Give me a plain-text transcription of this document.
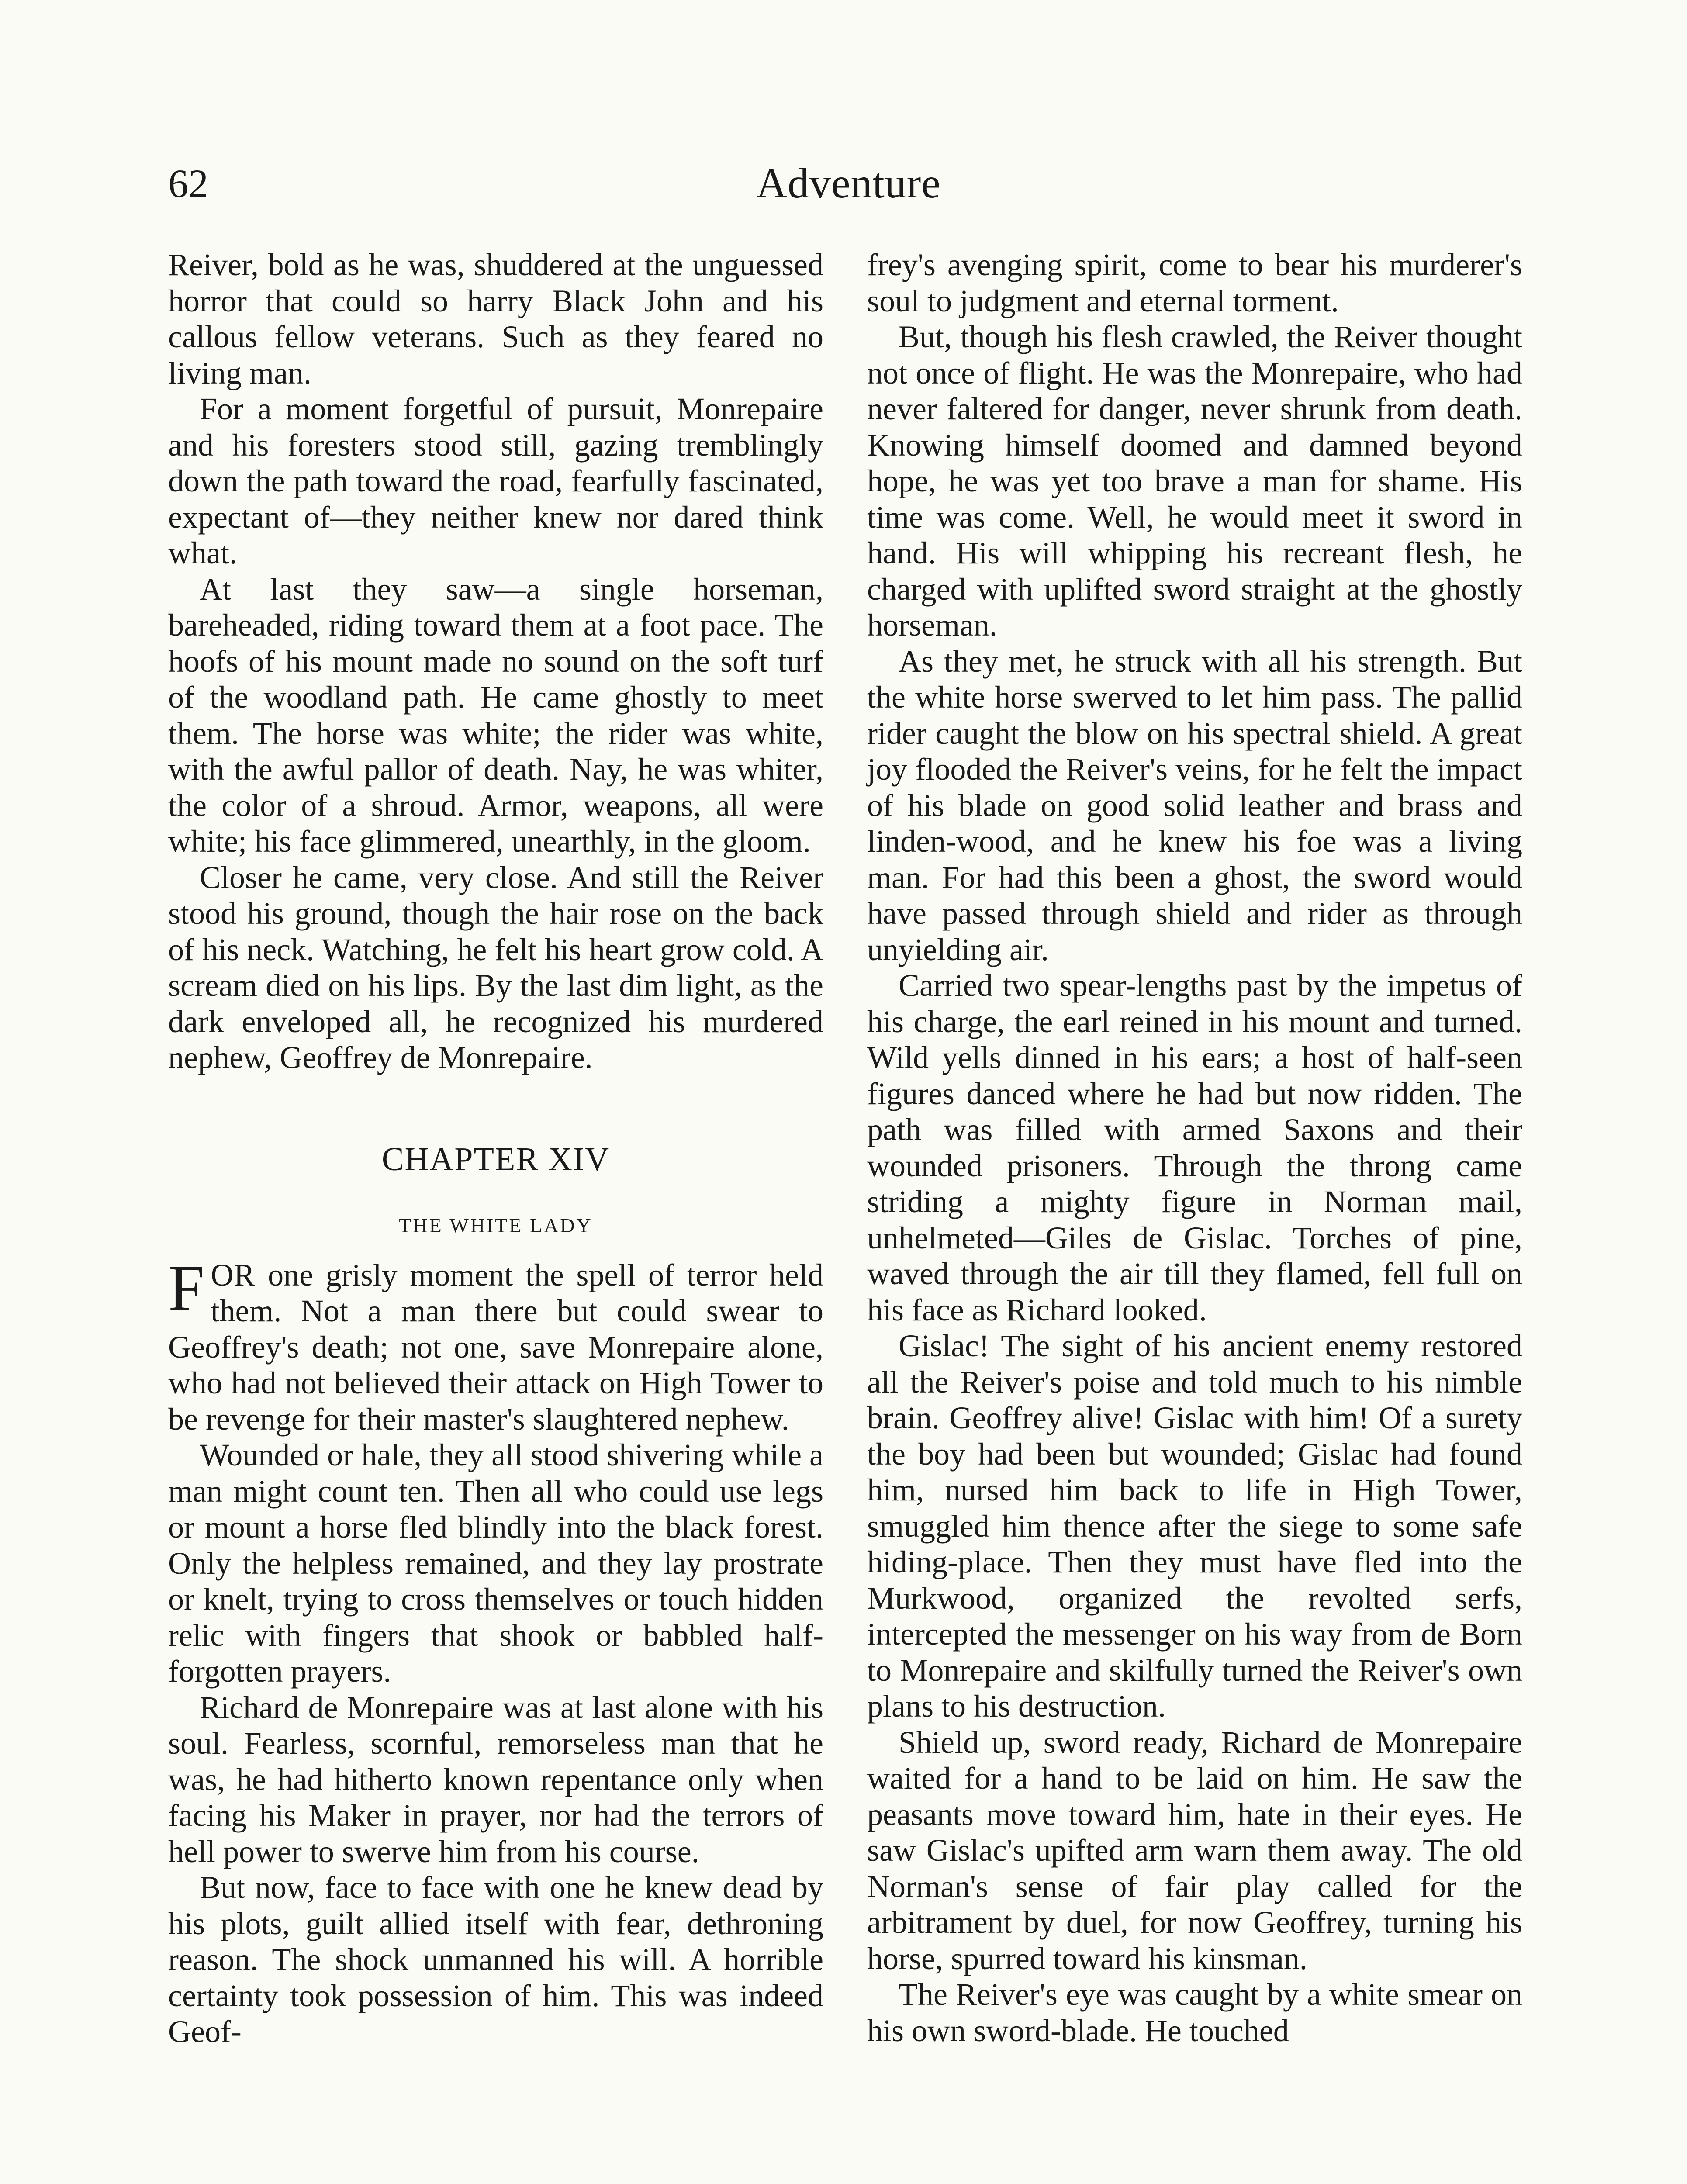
62	Adventure

Reiver, bold as he was, shuddered at the unguessed horror that could so harry Black John and his callous fellow veterans. Such as they feared no living man.

For a moment forgetful of pursuit, Monrepaire and his foresters stood still, gazing tremblingly down the path toward the road, fearfully fascinated, expectant of—they neither knew nor dared think what.

At last they saw—a single horseman, bareheaded, riding toward them at a foot pace. The hoofs of his mount made no sound on the soft turf of the woodland path. He came ghostly to meet them. The horse was white; the rider was white, with the awful pallor of death. Nay, he was whiter, the color of a shroud. Armor, weapons, all were white; his face glimmered, unearthly, in the gloom.

Closer he came, very close. And still the Reiver stood his ground, though the hair rose on the back of his neck. Watching, he felt his heart grow cold. A scream died on his lips. By the last dim light, as the dark enveloped all, he recognized his murdered nephew, Geoffrey de Monrepaire.

CHAPTER XIV
THE WHITE LADY

FOR one grisly moment the spell of terror held them. Not a man there but could swear to Geoffrey's death; not one, save Monrepaire alone, who had not believed their attack on High Tower to be revenge for their master's slaughtered nephew.

Wounded or hale, they all stood shivering while a man might count ten. Then all who could use legs or mount a horse fled blindly into the black forest. Only the helpless remained, and they lay prostrate or knelt, trying to cross themselves or touch hidden relic with fingers that shook or babbled half-forgotten prayers.

Richard de Monrepaire was at last alone with his soul. Fearless, scornful, remorseless man that he was, he had hitherto known repentance only when facing his Maker in prayer, nor had the terrors of hell power to swerve him from his course.

But now, face to face with one he knew dead by his plots, guilt allied itself with fear, dethroning reason. The shock unmanned his will. A horrible certainty took possession of him. This was indeed Geof-

frey's avenging spirit, come to bear his murderer's soul to judgment and eternal torment.

But, though his flesh crawled, the Reiver thought not once of flight. He was the Monrepaire, who had never faltered for danger, never shrunk from death. Knowing himself doomed and damned beyond hope, he was yet too brave a man for shame. His time was come. Well, he would meet it sword in hand. His will whipping his recreant flesh, he charged with uplifted sword straight at the ghostly horseman.

As they met, he struck with all his strength. But the white horse swerved to let him pass. The pallid rider caught the blow on his spectral shield. A great joy flooded the Reiver's veins, for he felt the impact of his blade on good solid leather and brass and linden-wood, and he knew his foe was a living man. For had this been a ghost, the sword would have passed through shield and rider as through unyielding air.

Carried two spear-lengths past by the impetus of his charge, the earl reined in his mount and turned. Wild yells dinned in his ears; a host of half-seen figures danced where he had but now ridden. The path was filled with armed Saxons and their wounded prisoners. Through the throng came striding a mighty figure in Norman mail, unhelmeted—Giles de Gislac. Torches of pine, waved through the air till they flamed, fell full on his face as Richard looked.

Gislac! The sight of his ancient enemy restored all the Reiver's poise and told much to his nimble brain. Geoffrey alive! Gislac with him! Of a surety the boy had been but wounded; Gislac had found him, nursed him back to life in High Tower, smuggled him thence after the siege to some safe hiding-place. Then they must have fled into the Murkwood, organized the revolted serfs, intercepted the messenger on his way from de Born to Monrepaire and skilfully turned the Reiver's own plans to his destruction.

Shield up, sword ready, Richard de Monrepaire waited for a hand to be laid on him. He saw the peasants move toward him, hate in their eyes. He saw Gislac's upifted arm warn them away. The old Norman's sense of fair play called for the arbitrament by duel, for now Geoffrey, turning his horse, spurred toward his kinsman.

The Reiver's eye was caught by a white smear on his own sword-blade. He touched
